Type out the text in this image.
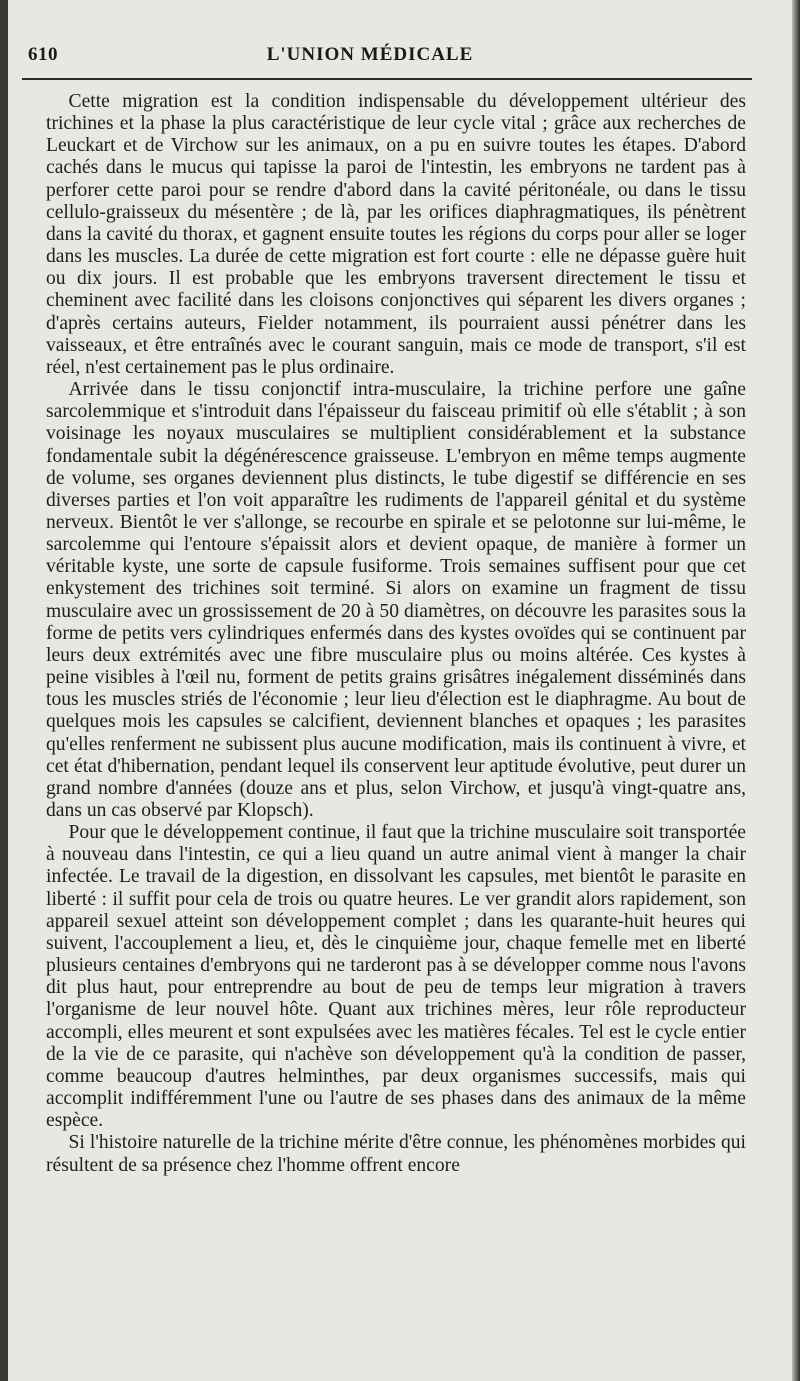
610	L'UNION MÉDICALE

Cette migration est la condition indispensable du développement ultérieur des trichines et la phase la plus caractéristique de leur cycle vital ; grâce aux recherches de Leuckart et de Virchow sur les animaux, on a pu en suivre toutes les étapes. D'abord cachés dans le mucus qui tapisse la paroi de l'intestin, les embryons ne tardent pas à perforer cette paroi pour se rendre d'abord dans la cavité péritonéale, ou dans le tissu cellulo-graisseux du mésentère ; de là, par les orifices diaphragmatiques, ils pénètrent dans la cavité du thorax, et gagnent ensuite toutes les régions du corps pour aller se loger dans les muscles. La durée de cette migration est fort courte : elle ne dépasse guère huit ou dix jours. Il est probable que les embryons traversent directement le tissu et cheminent avec facilité dans les cloisons conjonctives qui séparent les divers organes ; d'après certains auteurs, Fielder notamment, ils pourraient aussi pénétrer dans les vaisseaux, et être entraînés avec le courant sanguin, mais ce mode de transport, s'il est réel, n'est certainement pas le plus ordinaire.

Arrivée dans le tissu conjonctif intra-musculaire, la trichine perfore une gaîne sarcolemmique et s'introduit dans l'épaisseur du faisceau primitif où elle s'établit ; à son voisinage les noyaux musculaires se multiplient considérablement et la substance fondamentale subit la dégénérescence graisseuse. L'embryon en même temps augmente de volume, ses organes deviennent plus distincts, le tube digestif se différencie en ses diverses parties et l'on voit apparaître les rudiments de l'appareil génital et du système nerveux. Bientôt le ver s'allonge, se recourbe en spirale et se pelotonne sur lui-même, le sarcolemme qui l'entoure s'épaissit alors et devient opaque, de manière à former un véritable kyste, une sorte de capsule fusiforme. Trois semaines suffisent pour que cet enkystement des trichines soit terminé. Si alors on examine un fragment de tissu musculaire avec un grossissement de 20 à 50 diamètres, on découvre les parasites sous la forme de petits vers cylindriques enfermés dans des kystes ovoïdes qui se continuent par leurs deux extrémités avec une fibre musculaire plus ou moins altérée. Ces kystes à peine visibles à l'œil nu, forment de petits grains grisâtres inégalement disséminés dans tous les muscles striés de l'économie ; leur lieu d'élection est le diaphragme. Au bout de quelques mois les capsules se calcifient, deviennent blanches et opaques ; les parasites qu'elles renferment ne subissent plus aucune modification, mais ils continuent à vivre, et cet état d'hibernation, pendant lequel ils conservent leur aptitude évolutive, peut durer un grand nombre d'années (douze ans et plus, selon Virchow, et jusqu'à vingt-quatre ans, dans un cas observé par Klopsch).

Pour que le développement continue, il faut que la trichine musculaire soit transportée à nouveau dans l'intestin, ce qui a lieu quand un autre animal vient à manger la chair infectée. Le travail de la digestion, en dissolvant les capsules, met bientôt le parasite en liberté : il suffit pour cela de trois ou quatre heures. Le ver grandit alors rapidement, son appareil sexuel atteint son développement complet ; dans les quarante-huit heures qui suivent, l'accouplement a lieu, et, dès le cinquième jour, chaque femelle met en liberté plusieurs centaines d'embryons qui ne tarderont pas à se développer comme nous l'avons dit plus haut, pour entreprendre au bout de peu de temps leur migration à travers l'organisme de leur nouvel hôte. Quant aux trichines mères, leur rôle reproducteur accompli, elles meurent et sont expulsées avec les matières fécales. Tel est le cycle entier de la vie de ce parasite, qui n'achève son développement qu'à la condition de passer, comme beaucoup d'autres helminthes, par deux organismes successifs, mais qui accomplit indifféremment l'une ou l'autre de ses phases dans des animaux de la même espèce.

Si l'histoire naturelle de la trichine mérite d'être connue, les phénomènes morbides qui résultent de sa présence chez l'homme offrent encore
